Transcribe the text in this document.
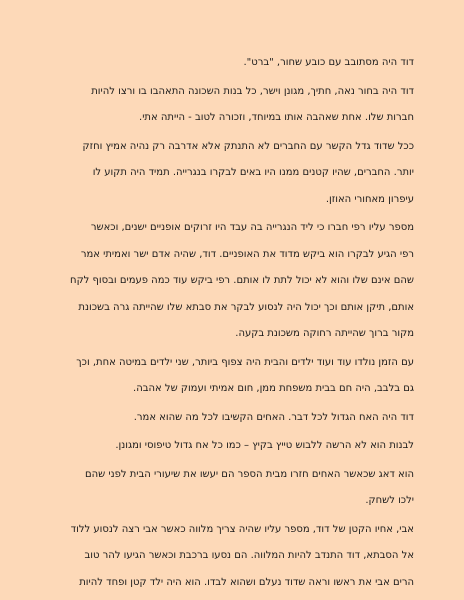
דוד היה מסתובב עם כובע שחור, "ברט".
דוד היה בחור נאה, חתיך, מגונן וישר, כל בנות השכונה התאהבו בו ורצו להיות
חברות שלו. אחת שאהבה אותו במיוחד, וזכורה לטוב - הייתה אתי.
ככל שדוד גדל הקשר עם החברים לא התנתק אלא אדרבה רק נהיה אמיץ וחזק
יותר. החברים, שהיו קטנים ממנו היו באים לבקרו בנגרייה. תמיד היה תקוע לו
עיפרון מאחורי האוזן.
מספר עליו רפי חברו כי ליד הנגרייה בה עבד היו זרוקים אופניים ישנים, וכאשר
רפי הגיע לבקרו הוא ביקש מדוד את האופניים. דוד, שהיה אדם ישר ואמיתי אמר
שהם אינם שלו והוא לא יכול לתת לו אותם. רפי ביקש עוד כמה פעמים ובסוף לקח
אותם, תיקן אותם וכך יכול היה לנסוע לבקר את סבתא שלו שהייתה גרה בשכונת
מקור ברוך שהייתה רחוקה משכונת בקעה.
עם הזמן נולדו עוד ועוד ילדים והבית היה צפוף ביותר, שני ילדים במיטה אחת, וכך
גם בלבב, היה חם בבית משפחת ממן, חום אמיתי ועמוק של אהבה.
דוד היה האח הגדול לכל דבר. האחים הקשיבו לכל מה שהוא אמר.
לבנות הוא לא הרשה ללבוש טייץ בקיץ – כמו כל אח גדול טיפוסי ומגונן.
הוא דאג שכאשר האחים חזרו מבית הספר הם יעשו את שיעורי הבית לפני שהם
ילכו לשחק.
אבי, אחיו הקטן של דוד, מספר עליו שהיה צריך מלווה כאשר אבי רצה לנסוע ללוד
אל הסבתא, דוד התנדב להיות המלווה. הם נסעו ברכבת וכאשר הגיעו להר טוב
הרים אבי את ראשו וראה שדוד נעלם ושהוא לבדו. הוא היה ילד קטן ופחד להיות
